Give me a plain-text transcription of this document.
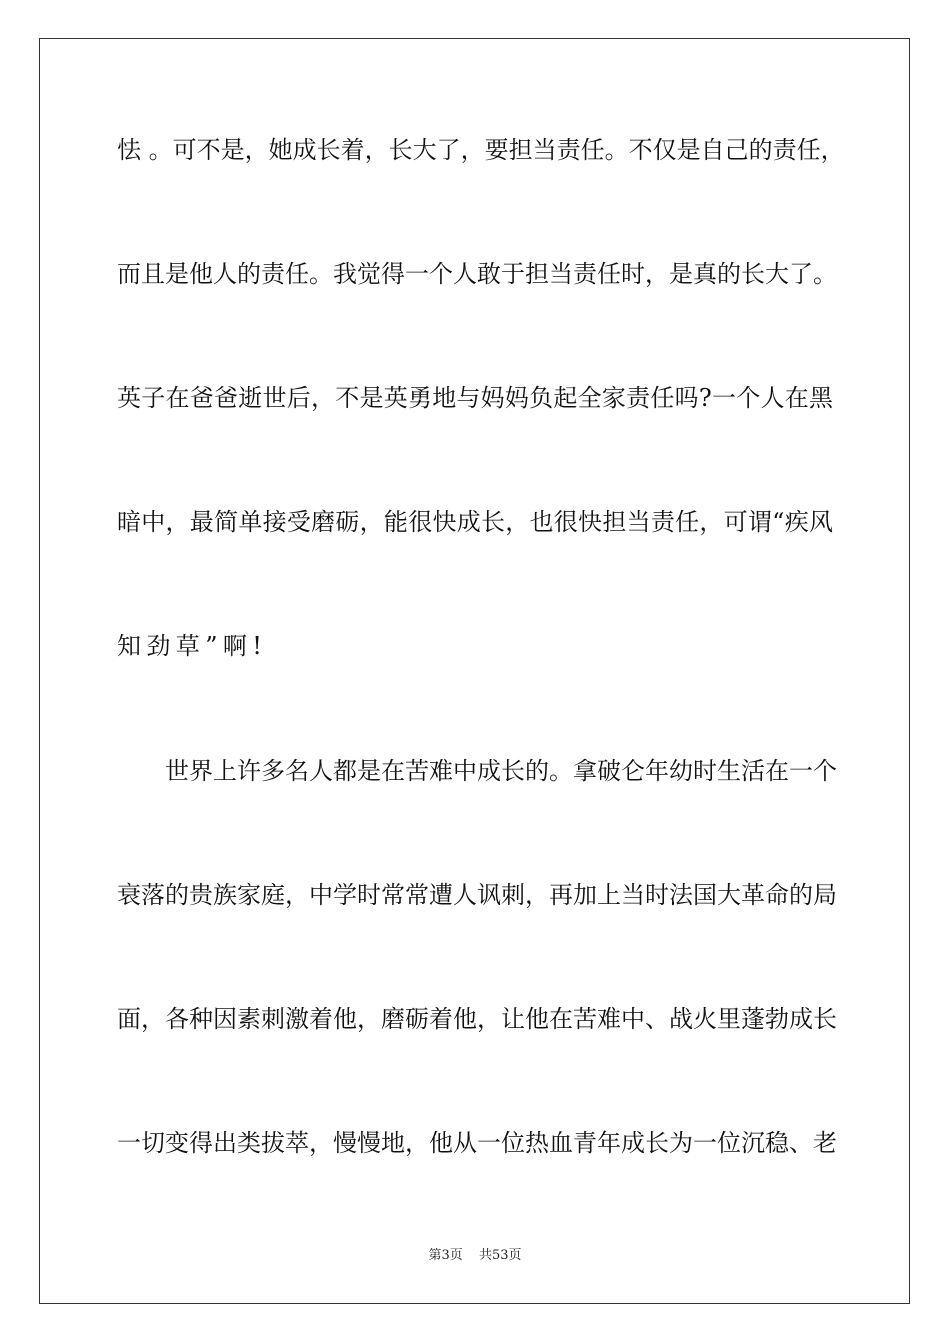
怯 。可不是，她成长着，长大了，要担当责任。不仅是自己的责任，
而且是他人的责任。我觉得一个人敢于担当责任时，是真的长大了。
英子在爸爸逝世后，不是英勇地与妈妈负起全家责任吗?一个人在黑
暗中，最简单接受磨砺，能很快成长，也很快担当责任，可谓“疾风
知劲草”啊!
世界上许多名人都是在苦难中成长的。拿破仑年幼时生活在一个
衰落的贵族家庭，中学时常常遭人讽刺，再加上当时法国大革命的局
面，各种因素刺激着他，磨砺着他，让他在苦难中、战火里蓬勃成长
一切变得出类拔萃，慢慢地，他从一位热血青年成长为一位沉稳、老
第3页 共53页
